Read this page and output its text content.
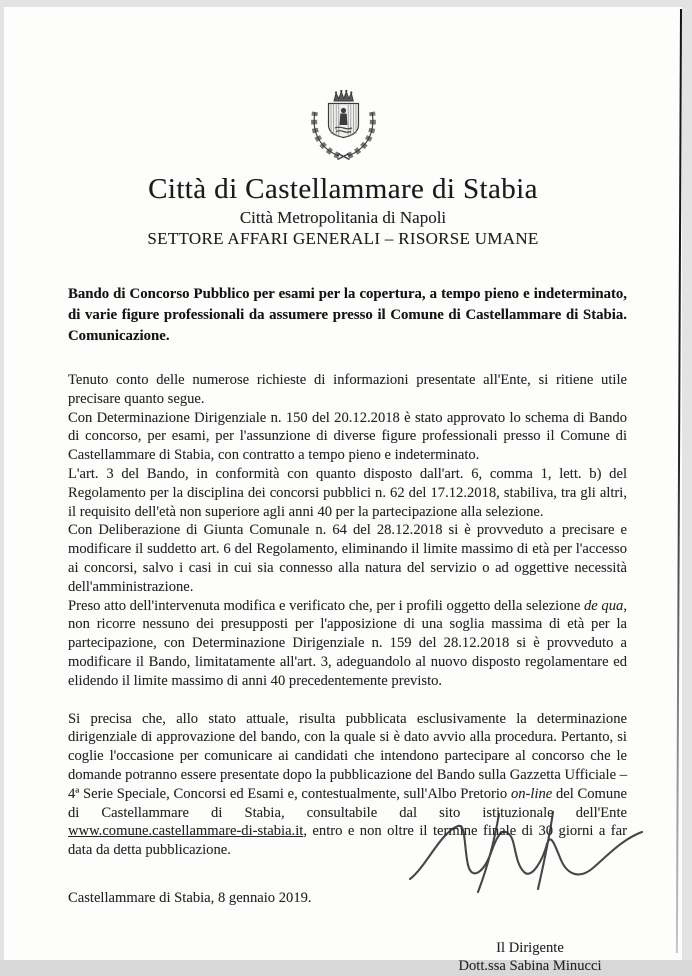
Città di Castellammare di Stabia
Città Metropolitania di Napoli
SETTORE AFFARI GENERALI – RISORSE UMANE

Bando di Concorso Pubblico per esami per la copertura, a tempo pieno e indeterminato, di varie figure professionali da assumere presso il Comune di Castellammare di Stabia. Comunicazione.

Tenuto conto delle numerose richieste di informazioni presentate all'Ente, si ritiene utile precisare quanto segue.

Con Determinazione Dirigenziale n. 150 del 20.12.2018 è stato approvato lo schema di Bando di concorso, per esami, per l'assunzione di diverse figure professionali presso il Comune di Castellammare di Stabia, con contratto a tempo pieno e indeterminato.

L'art. 3 del Bando, in conformità con quanto disposto dall'art. 6, comma 1, lett. b) del Regolamento per la disciplina dei concorsi pubblici n. 62 del 17.12.2018, stabiliva, tra gli altri, il requisito dell'età non superiore agli anni 40 per la partecipazione alla selezione.

Con Deliberazione di Giunta Comunale n. 64 del 28.12.2018 si è provveduto a precisare e modificare il suddetto art. 6 del Regolamento, eliminando il limite massimo di età per l'accesso ai concorsi, salvo i casi in cui sia connesso alla natura del servizio o ad oggettive necessità dell'amministrazione.

Preso atto dell'intervenuta modifica e verificato che, per i profili oggetto della selezione de qua, non ricorre nessuno dei presupposti per l'apposizione di una soglia massima di età per la partecipazione, con Determinazione Dirigenziale n. 159 del 28.12.2018 si è provveduto a modificare il Bando, limitatamente all'art. 3, adeguandolo al nuovo disposto regolamentare ed elidendo il limite massimo di anni 40 precedentemente previsto.

Si precisa che, allo stato attuale, risulta pubblicata esclusivamente la determinazione dirigenziale di approvazione del bando, con la quale si è dato avvio alla procedura. Pertanto, si coglie l'occasione per comunicare ai candidati che intendono partecipare al concorso che le domande potranno essere presentate dopo la pubblicazione del Bando sulla Gazzetta Ufficiale – 4ª Serie Speciale, Concorsi ed Esami e, contestualmente, sull'Albo Pretorio on-line del Comune di Castellammare di Stabia, consultabile dal sito istituzionale dell'Ente www.comune.castellammare-di-stabia.it, entro e non oltre il termine finale di 30 giorni a far data da detta pubblicazione.

Castellammare di Stabia, 8 gennaio 2019.

Il Dirigente
Dott.ssa Sabina Minucci
